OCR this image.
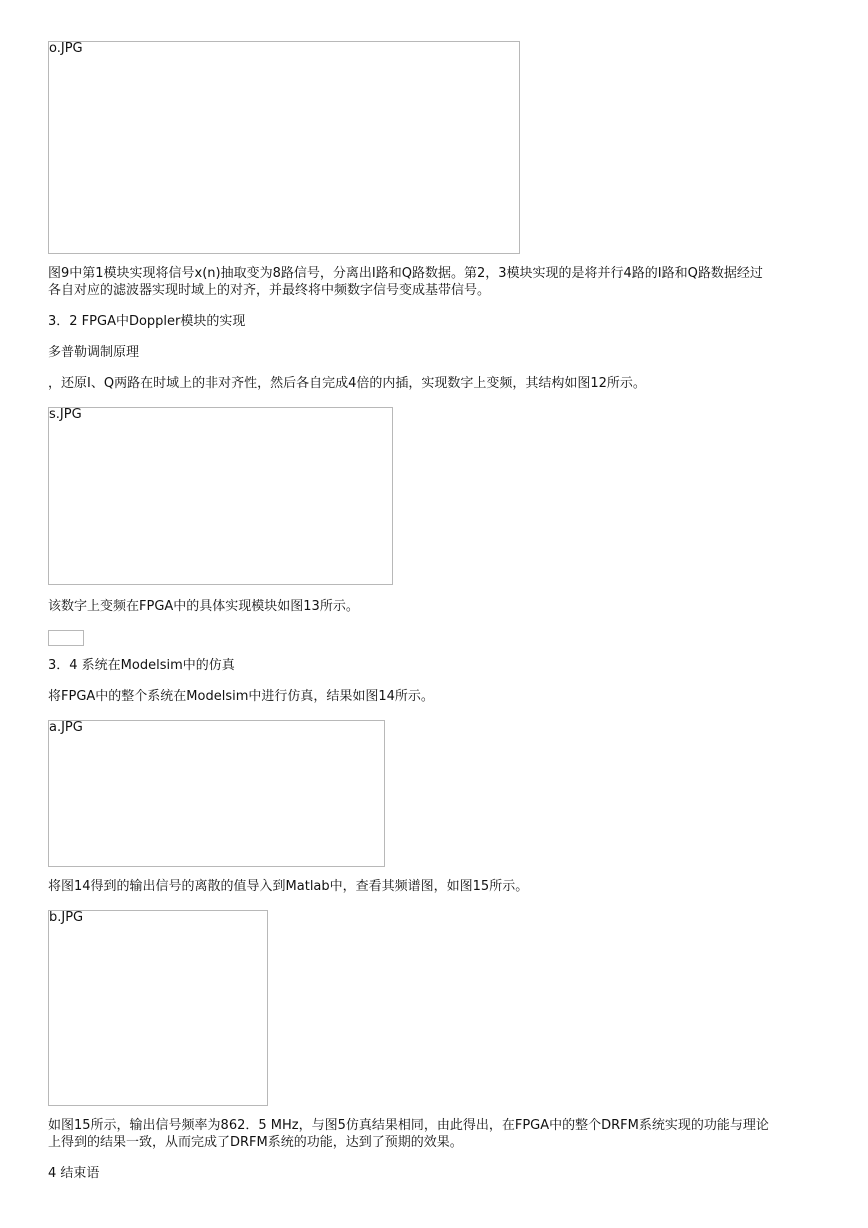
o.JPG

图9中第1模块实现将信号x(n)抽取变为8路信号，分离出I路和Q路数据。第2，3模块实现的是将并行4路的I路和Q路数据经过

各自对应的滤波器实现时域上的对齐，并最终将中频数字信号变成基带信号。

3．2 FPGA中Doppler模块的实现

多普勒调制原理

，还原I、Q两路在时域上的非对齐性，然后各自完成4倍的内插，实现数字上变频，其结构如图12所示。

s.JPG

该数字上变频在FPGA中的具体实现模块如图13所示。

3．4 系统在Modelsim中的仿真

将FPGA中的整个系统在Modelsim中进行仿真，结果如图14所示。

a.JPG

将图14得到的输出信号的离散的值导入到Matlab中，查看其频谱图，如图15所示。

b.JPG

如图15所示，输出信号频率为862．5 MHz，与图5仿真结果相同，由此得出，在FPGA中的整个DRFM系统实现的功能与理论

上得到的结果一致，从而完成了DRFM系统的功能，达到了预期的效果。

4 结束语
